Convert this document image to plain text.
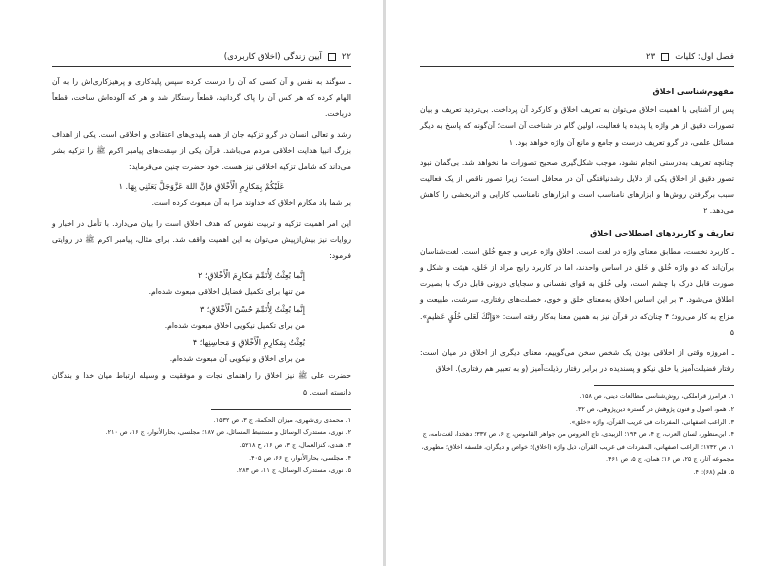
۲۲
آیین زندگی (اخلاق کاربردی)

ـ سوگند به نفس و آن کسی که آن را درست کرده سپس پلیدکاری و پرهیزکاری‌اش را به آن الهام کرده که هر کس آن را پاک گردانید، قطعاً رستگار شد و هر که آلوده‌اش ساخت، قطعاً درباخت.

رشد و تعالی انسان در گرو تزکیه جان از همه پلیدی‌های اعتقادی و اخلاقی است. یکی از اهداف بزرگ انبیا هدایت اخلاقی مردم می‌باشد. قرآن یکی از سِمَت‌های پیامبر اکرم ﷺ را تزکیه بشر می‌داند که شامل تزکیه اخلاقی نیز هست. خود حضرت چنین می‌فرماید:

عَلَيْكُمْ بِمَكارِمِ الْأَخْلاقِ فإنَّ اللهَ عَزَّوَجَلَّ بَعَثَنِي بِهَا. ۱

بر شما باد مکارم اخلاق که خداوند مرا به آن مبعوث کرده است.

این امر اهمیت تزکیه و تربیت نفوس که هدف اخلاق است را بیان می‌دارد. با تأمل در اخبار و روایات نیز بیش‌ازپیش می‌توان به این اهمیت واقف شد. برای مثال، پیامبر اکرم ﷺ در روایتی فرمود:

إِنَّما بُعِثْتُ لِأُتَمِّمَ مَكارِمَ الْأَخْلاقِ؛ ۲

من تنها برای تکمیل فضایل اخلاقی مبعوث شده‌ام.

إِنَّما بُعِثْتُ لِأُتَمِّمَ حُسْنَ الْأَخْلاقِ؛ ۳

من برای تکمیل نیکویی اخلاق مبعوث شده‌ام.

بُعِثْتُ بِمَكارِمِ الْأَخْلاقِ وَ مَحاسِنِها؛ ۴

من برای اخلاق و نیکویی آن مبعوث شده‌ام.

حضرت علی ﷺ نیز اخلاق را راهنمای نجات و موفقیت و وسیله ارتباط میان خدا و بندگان دانسته است. ۵

۱. محمدی ری‌شهری، میزان الحکمة، ج ۳، ص ۱۵۳۲.

۲. نوری، مستدرک الوسائل و مستنبط المسائل، ص ۱۸۷؛ مجلسی، بحارالأنوار، ج ۱۶، ص ۲۱۰.

۳. هندی، کنزالعمال، ج ۳، ص ۱۶، ح ۵۲۱۸.

۴. مجلسی، بحارالأنوار، ج ۶۶، ص ۴۰۵.

۵. نوری، مستدرک الوسائل، ج ۱۱، ص ۲۸۳.

فصل اول: کلیات
۲۳

مفهوم‌شناسی اخلاق

پس از آشنایی با اهمیت اخلاق می‌توان به تعریف اخلاق و کارکرد آن پرداخت. بی‌تردید تعریف و بیان تصورات دقیق از هر واژه یا پدیده یا فعالیت، اولین گام در شناخت آن است؛ آن‌گونه که پاسخ به دیگر مسائل علمی، در گرو تعریف درست و جامع و مانع آن واژه خواهد بود. ۱

چنانچه تعریف به‌درستی انجام نشود، موجب شکل‌گیری صحیح تصورات ما نخواهد شد. بی‌گمان نبود تصور دقیق از اخلاق یکی از دلایل رشدنیافتگی آن در محافل است؛ زیرا تصور ناقص از یک فعالیت سبب برگرفتن روش‌ها و ابزارهای نامناسب است و ابزارهای نامناسب کارایی و اثربخشی را کاهش می‌دهد. ۲

تعاریف و کاربردهای اصطلاحی اخلاق

ـ کاربرد نخست، مطابق معنای واژه در لغت است. اخلاق واژه عربی و جمع خُلق است. لغت‌شناسان برآن‌اند که دو واژه خُلق و خَلق در اساس واحدند، اما در کاربرد رایج مراد از خَلق، هیئت و شکل و صورت قابل درک با چشم است، ولی خُلق به قوای نفسانی و سجایای درونی قابل درک با بصیرت اطلاق می‌شود. ۳ بر این اساس اخلاق به‌معنای خلق و خوی، خصلت‌های رفتاری، سرشت، طبیعت و مزاج به کار می‌رود؛ ۴ چنان‌که در قرآن نیز به همین معنا به‌کار رفته است: «وَإِنَّكَ لَعَلى خُلُقٍ عَظيمٍ». ۵

ـ امروزه وقتی از اخلاقی بودن یک شخص سخن می‌گوییم، معنای دیگری از اخلاق در میان است: رفتار فضیلت‌آمیز یا خلق نیکو و پسندیده در برابر رفتار رذیلت‌آمیز (و به تعبیر هم رفتاری). اخلاق

۱. فرامرز قراملکی، روش‌شناسی مطالعات دینی، ص ۱۵۸.

۲. همو، اصول و فنون پژوهش در گستره دین‌پژوهی، ص ۳۲.

۳. الراغب اصفهانی، المفردات فی غریب القرآن، واژه «خلق».

۴. ابن‌منظور، لسان العرب، ج ۴، ص ۱۹۴؛ الزبیدی، تاج العروس من جواهر القاموس، ج ۶، ص ۳۳۷؛ دهخدا، لغت‌نامه، ج ۱، ص ۱۷۳۲؛ الراغب اصفهانی، المفردات فی غریب القرآن، ذیل واژه (اخلاق)؛ خواص و دیگران، فلسفه اخلاق؛ مطهری، مجموعه آثار، ج ۲۵، ص ۱۶؛ همان، ج ۵، ص ۴۶۱.

۵. قلم (۶۸): ۴.
